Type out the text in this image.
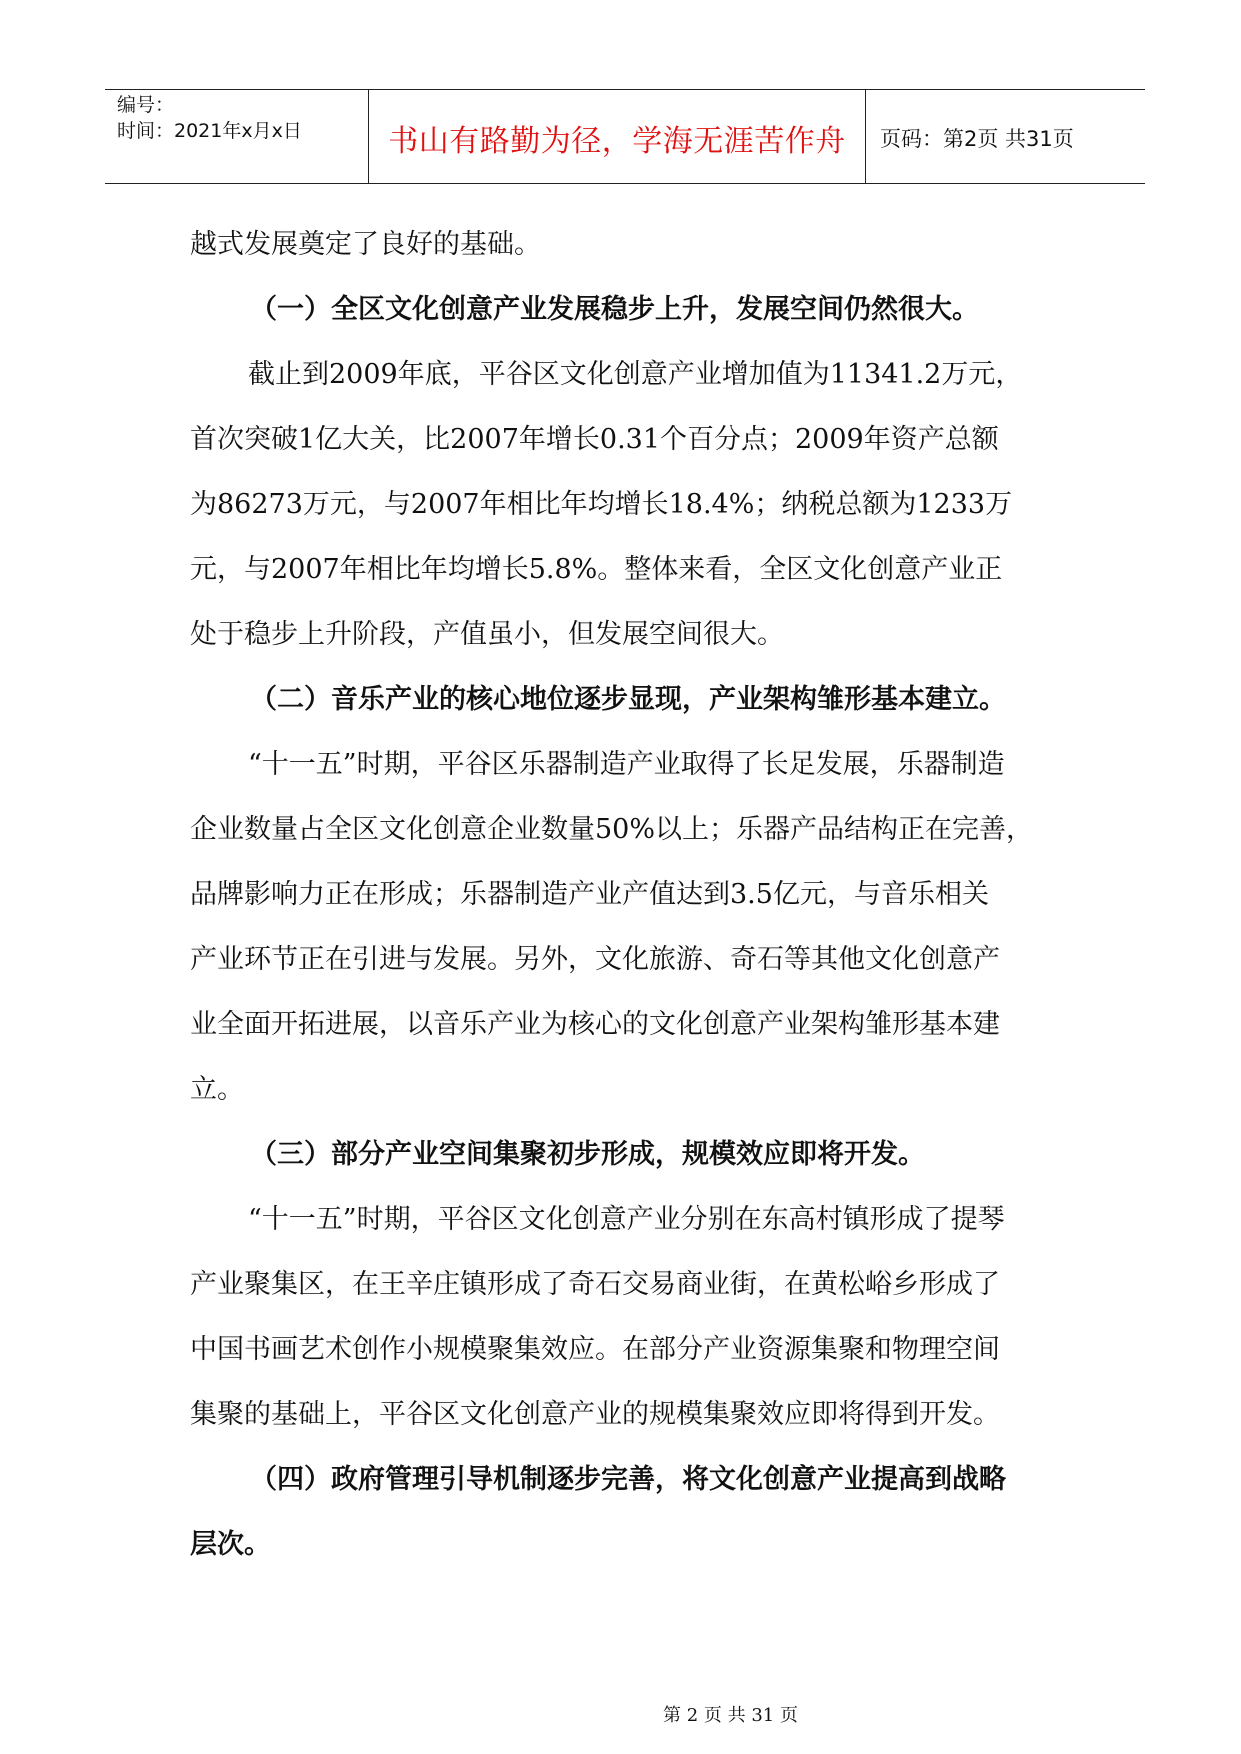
编号：
时间：2021年x月x日	书山有路勤为径，学海无涯苦作舟	页码：第2页 共31页
越式发展奠定了良好的基础。
（一）全区文化创意产业发展稳步上升，发展空间仍然很大。
截止到2009年底，平谷区文化创意产业增加值为11341.2万元，
首次突破1亿大关，比2007年增长0.31个百分点；2009年资产总额
为86273万元，与2007年相比年均增长18.4%；纳税总额为1233万
元，与2007年相比年均增长5.8%。整体来看，全区文化创意产业正
处于稳步上升阶段，产值虽小，但发展空间很大。
（二）音乐产业的核心地位逐步显现，产业架构雏形基本建立。
“十一五”时期，平谷区乐器制造产业取得了长足发展，乐器制造
企业数量占全区文化创意企业数量50%以上；乐器产品结构正在完善，
品牌影响力正在形成；乐器制造产业产值达到3.5亿元，与音乐相关
产业环节正在引进与发展。另外，文化旅游、奇石等其他文化创意产
业全面开拓进展，以音乐产业为核心的文化创意产业架构雏形基本建
立。
（三）部分产业空间集聚初步形成，规模效应即将开发。
“十一五”时期，平谷区文化创意产业分别在东高村镇形成了提琴
产业聚集区，在王辛庄镇形成了奇石交易商业街，在黄松峪乡形成了
中国书画艺术创作小规模聚集效应。在部分产业资源集聚和物理空间
集聚的基础上，平谷区文化创意产业的规模集聚效应即将得到开发。
（四）政府管理引导机制逐步完善，将文化创意产业提高到战略
层次。
第 2 页 共 31 页
